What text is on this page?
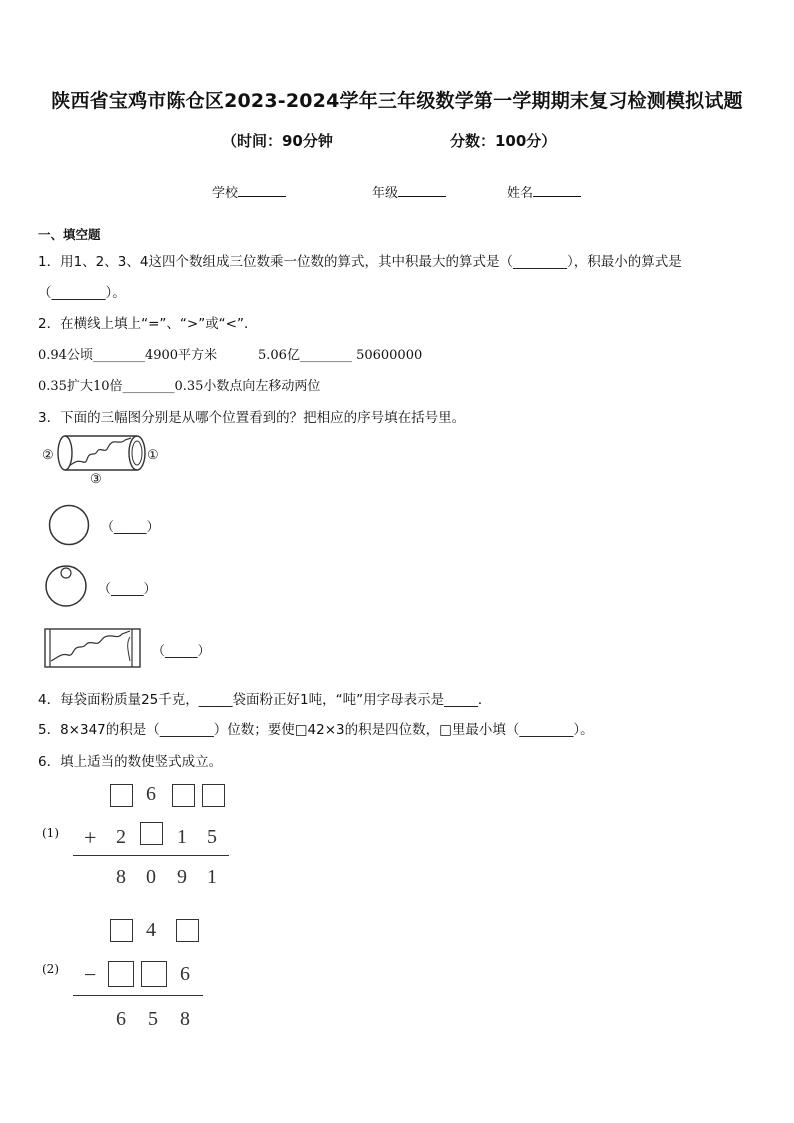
陕西省宝鸡市陈仓区2023-2024学年三年级数学第一学期期末复习检测模拟试题
（时间：90分钟	分数：100分）
学校	年级	姓名
一、填空题
1．用1、2、3、4这四个数组成三位数乘一位数的算式，其中积最大的算式是（________），积最小的算式是
（________）。
2．在横线上填上“=”、“>”或“<”．
0.94公顷________4900平方米	5.06亿________ 50600000
0.35扩大10倍________0.35小数点向左移动两位
3．下面的三幅图分别是从哪个位置看到的？把相应的序号填在括号里。
②	①
③
（_____）
（_____）
（_____）
4．每袋面粉质量25千克，_____袋面粉正好1吨，“吨”用字母表示是_____．
5．8×347的积是（________）位数；要使□42×3的积是四位数，□里最小填（________）。
6．填上适当的数使竖式成立。
(1)
6
+ 2	1 5
8 0 9 1
(2)
4
−	6
6 5 8
